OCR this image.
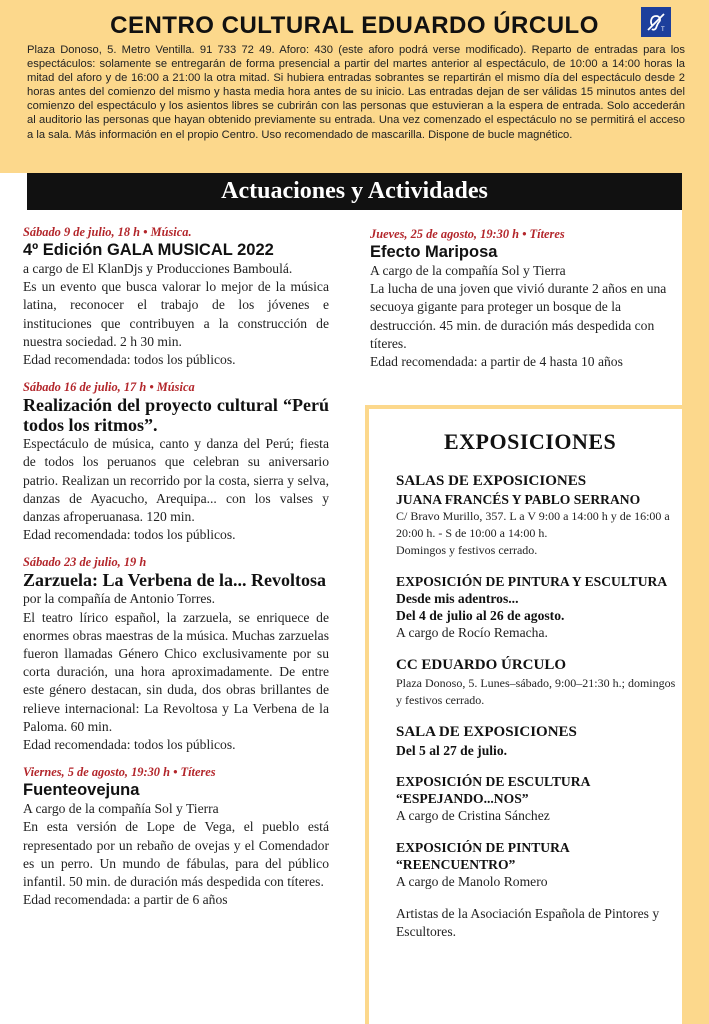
CENTRO CULTURAL EDUARDO ÚRCULO	T
Plaza Donoso, 5. Metro Ventilla. 91 733 72 49. Aforo: 430 (este aforo podrá verse modificado). Reparto de entradas para los espectáculos: solamente se entregarán de forma presencial a partir del martes anterior al espectáculo, de 10:00 a 14:00 horas la mitad del aforo y de 16:00 a 21:00 la otra mitad. Si hubiera entradas sobrantes se repartirán el mismo día del espectáculo desde 2 horas antes del comienzo del mismo y hasta media hora antes de su inicio. Las entradas dejan de ser válidas 15 minutos antes del comienzo del espectáculo y los asientos libres se cubrirán con las personas que estuvieran a la espera de entrada. Solo accederán al auditorio las personas que hayan obtenido previamente su entrada. Una vez comenzado el espectáculo no se permitirá el acceso a la sala. Más información en el propio Centro. Uso recomendado de mascarilla. Dispone de bucle magnético.
Actuaciones y Actividades
Sábado 9 de julio, 18 h • Música.
4º Edición GALA MUSICAL 2022
a cargo de El KlanDjs y Producciones Bamboulá.
Es un evento que busca valorar lo mejor de la música latina, reconocer el trabajo de los jóvenes e instituciones que contribuyen a la construcción de nuestra sociedad. 2 h 30 min.
Edad recomendada: todos los públicos.
Sábado 16 de julio, 17 h • Música
Realización del proyecto cultural “Perú todos los ritmos”.
Espectáculo de música, canto y danza del Perú; fiesta de todos los peruanos que celebran su aniversario patrio. Realizan un recorrido por la costa, sierra y selva, danzas de Ayacucho, Arequipa... con los valses y danzas afroperuanasa. 120 min.
Edad recomendada: todos los públicos.
Sábado 23 de julio, 19 h
Zarzuela: La Verbena de la... Revoltosa
por la compañía de Antonio Torres.
El teatro lírico español, la zarzuela, se enriquece de enormes obras maestras de la música. Muchas zarzuelas fueron llamadas Género Chico exclusivamente por su corta duración, una hora aproximadamente. De entre este género destacan, sin duda, dos obras brillantes de relieve internacional: La Revoltosa y La Verbena de la Paloma. 60 min.
Edad recomendada: todos los públicos.
Viernes, 5 de agosto, 19:30 h • Títeres
Fuenteovejuna
A cargo de la compañía Sol y Tierra
En esta versión de Lope de Vega, el pueblo está representado por un rebaño de ovejas y el Comendador es un perro. Un mundo de fábulas, para del público infantil. 50 min. de duración más despedida con títeres.
Edad recomendada: a partir de 6 años
Jueves, 25 de agosto, 19:30 h • Títeres
Efecto Mariposa
A cargo de la compañía Sol y Tierra
La lucha de una joven que vivió durante 2 años en una secuoya gigante para proteger un bosque de la destrucción. 45 min. de duración más despedida con títeres.
Edad recomendada: a partir de 4 hasta 10 años
EXPOSICIONES
SALAS DE EXPOSICIONES
JUANA FRANCÉS Y PABLO SERRANO
C/ Bravo Murillo, 357. L a V 9:00 a 14:00 h y de 16:00 a 20:00 h. - S de 10:00 a 14:00 h.
Domingos y festivos cerrado.
EXPOSICIÓN DE PINTURA Y ESCULTURA
Desde mis adentros...
Del 4 de julio al 26 de agosto.
A cargo de Rocío Remacha.
CC EDUARDO ÚRCULO
Plaza Donoso, 5. Lunes–sábado, 9:00–21:30 h.; domingos y festivos cerrado.
SALA DE EXPOSICIONES
Del 5 al 27 de julio.
EXPOSICIÓN DE ESCULTURA
“ESPEJANDO...NOS”
A cargo de Cristina Sánchez
EXPOSICIÓN DE PINTURA
“REENCUENTRO”
A cargo de Manolo Romero
Artistas de la Asociación Española de Pintores y Escultores.
